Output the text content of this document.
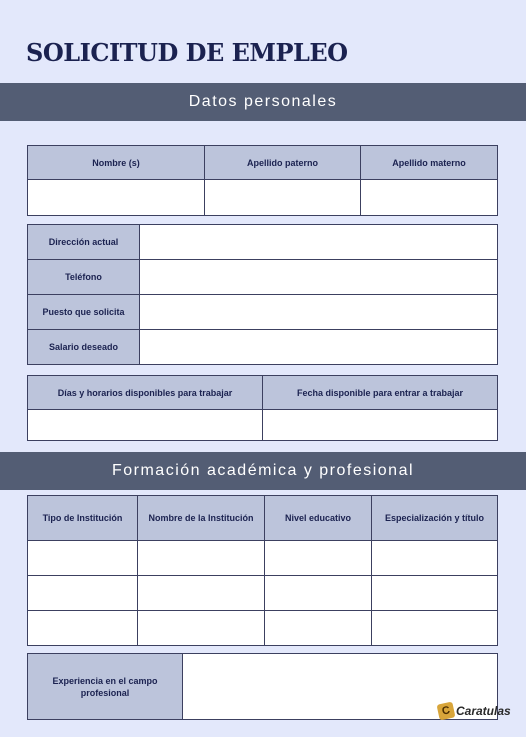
SOLICITUD DE EMPLEO
Datos personales
Nombre (s)	Apellido paterno	Apellido materno

Dirección actual	
Teléfono	
Puesto que solicita	
Salario deseado	
Días y horarios disponibles para trabajar	Fecha disponible para entrar a trabajar

Formación académica y profesional
Tipo de Institución	Nombre de la Institución	Nivel educativo	Especialización y título

Experiencia en el campo profesional	
C Caratulas
